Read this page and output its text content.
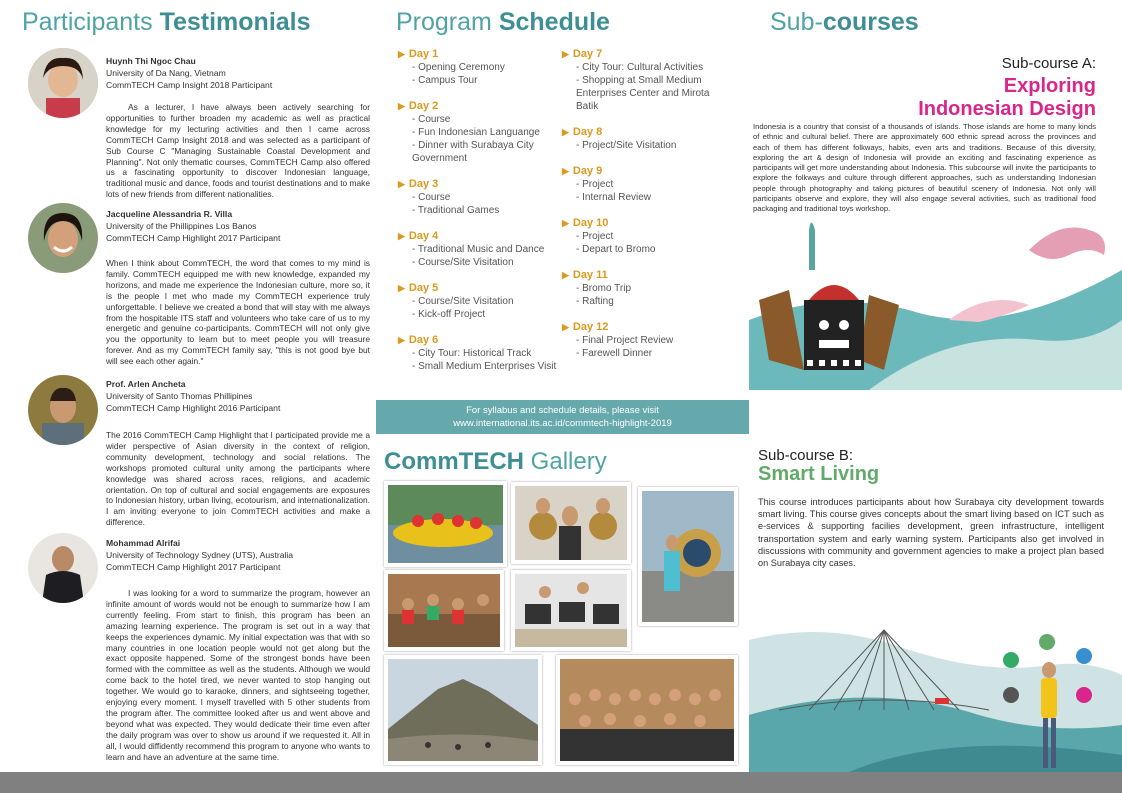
Participants Testimonials
Huynh Thi Ngoc Chau
University of Da Nang, Vietnam
CommTECH Camp Insight 2018 Participant
As a lecturer, I have always been actively searching for opportunities to further broaden my academic as well as practical knowledge for my lecturing activities and then I came across CommTECH Camp Insight 2018 and was selected as a participant of Sub Course C "Managing Sustainable Coastal Development and Planning". Not only thematic courses, CommTECH Camp also offered us a fascinating opportunity to discover Indonesian language, traditional music and dance, foods and tourist destinations and to make lots of new friends from different nationalities.
Jacqueline Alessandria R. Villa
University of the Phillippines Los Banos
CommTECH Camp Highlight 2017 Participant
When I think about CommTECH, the word that comes to my mind is family. CommTECH equipped me with new knowledge, expanded my horizons, and made me experience the Indonesian culture, more so, it is the people I met who made my CommTECH experience truly unforgettable. I believe we created a bond that will stay with me always from the hospitable ITS staff and volunteers who take care of us to my energetic and genuine co-participants. CommTECH will not only give you the opportunity to learn but to meet people you will treasure forever. And as my CommTECH family say, "this is not good bye but will see each other again."
Prof. Arlen Ancheta
University of Santo Thomas Phillipines
CommTECH Camp Highlight 2016 Participant
The 2016 CommTECH Camp Highlight that I participated provide me a wider perspective of Asian diversity in the context of religion, community development, technology and social relations. The workshops promoted cultural unity among the participants where knowledge was shared across races, religions, and academic orientation. On top of cultural and social engagements are exposures to Indonesian history, urban living, ecotourism, and internationalization. I am inviting everyone to join CommTECH activities and make a difference.
Mohammad Alrifai
University of Technology Sydney (UTS), Australia
CommTECH Camp Highlight 2017 Participant
I was looking for a word to summarize the program, however an infinite amount of words would not be enough to summarize how I am currently feeling. From start to finish, this program has been an amazing learning experience. The program is set out in a way that keeps the experiences dynamic. My initial expectation was that with so many countries in one location people would not get along but the exact opposite happened. Some of the strongest bonds have been formed with the committee as well as the students. Although we would come back to the hotel tired, we never wanted to stop hanging out together. We would go to karaoke, dinners, and sightseeing together, enjoying every moment. I myself travelled with 5 other students from the program after. The committee looked after us and went above and beyond what was expected. They would dedicate their time even after the daily program was over to show us around if we requested it. All in all, I would diffidently recommend this program to anyone who wants to learn and have an adventure at the same time.
Program Schedule
▶ Day 1
- Opening Ceremony
- Campus Tour
▶ Day 2
- Course
- Fun Indonesian Languange
- Dinner with Surabaya City Government
▶ Day 3
- Course
- Traditional Games
▶ Day 4
- Traditional Music and Dance
- Course/Site Visitation
▶ Day 5
- Course/Site Visitation
- Kick-off Project
▶ Day 6
- City Tour: Historical Track
- Small Medium Enterprises Visit
▶ Day 7
- City Tour: Cultural Activities
- Shopping at Small Medium Enterprises Center and Mirota Batik
▶ Day 8
- Project/Site Visitation
▶ Day 9
- Project
- Internal Review
▶ Day 10
- Project
- Depart to Bromo
▶ Day 11
- Bromo Trip
- Rafting
▶ Day 12
- Final Project Review
- Farewell Dinner
For syllabus and schedule details, please visit
www.international.its.ac.id/commtech-highlight-2019
CommTECH Gallery
Sub-courses
Sub-course A:
Exploring
Indonesian Design
Indonesia is a country that consist of a thousands of islands. Those islands are home to many kinds of ethnic and cultural belief. There are approximately 600 ethnic spread across the provinces and each of them has different folkways, habits, even arts and traditions. Because of this diversity, exploring the art & design of Indonesia will provide an exciting and fascinating experience as participants will get more understanding about Indonesia. This subcourse will invite the participants to explore the folkways and culture through different approaches, such as understanding Indonesian people through photography and taking pictures of beautiful scenery of Indonesia. Not only will participants observe and explore, they will also engage several activities, such as traditional food packaging and traditional toys workshop.
Sub-course B:
Smart Living
This course introduces participants about how Surabaya city development towards smart living. This course gives concepts about the smart living based on ICT such as e-services & supporting facilies development, green infrastructure, intelligent transportation system and early warning system. Participants also get involved in discussions with community and government agencies to make a project plan based on Surabaya city cases.
